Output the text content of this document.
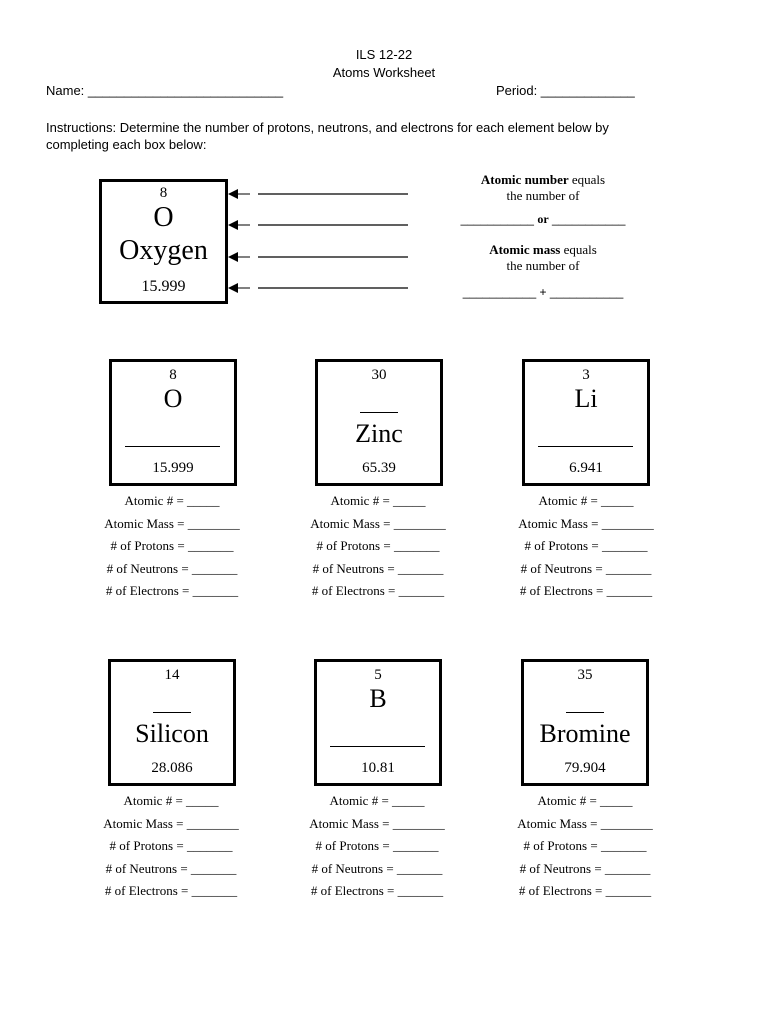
ILS 12-22
Atoms Worksheet
Name: ___________________________	Period: _____________
Instructions: Determine the number of protons, neutrons, and electrons for each element below by
completing each box below:
8
O
Oxygen
15.999
Atomic number equals
the number of
___________ or ___________
Atomic mass equals
the number of
___________ + ___________
8
O
15.999
30
Zinc
65.39
3
Li
6.941
Atomic # = _____
Atomic Mass = ________
# of Protons = _______
# of Neutrons = _______
# of Electrons = _______
Atomic # = _____
Atomic Mass = ________
# of Protons = _______
# of Neutrons = _______
# of Electrons = _______
Atomic # = _____
Atomic Mass = ________
# of Protons = _______
# of Neutrons = _______
# of Electrons = _______
14
Silicon
28.086
5
B
10.81
35
Bromine
79.904
Atomic # = _____
Atomic Mass = ________
# of Protons = _______
# of Neutrons = _______
# of Electrons = _______
Atomic # = _____
Atomic Mass = ________
# of Protons = _______
# of Neutrons = _______
# of Electrons = _______
Atomic # = _____
Atomic Mass = ________
# of Protons = _______
# of Neutrons = _______
# of Electrons = _______
